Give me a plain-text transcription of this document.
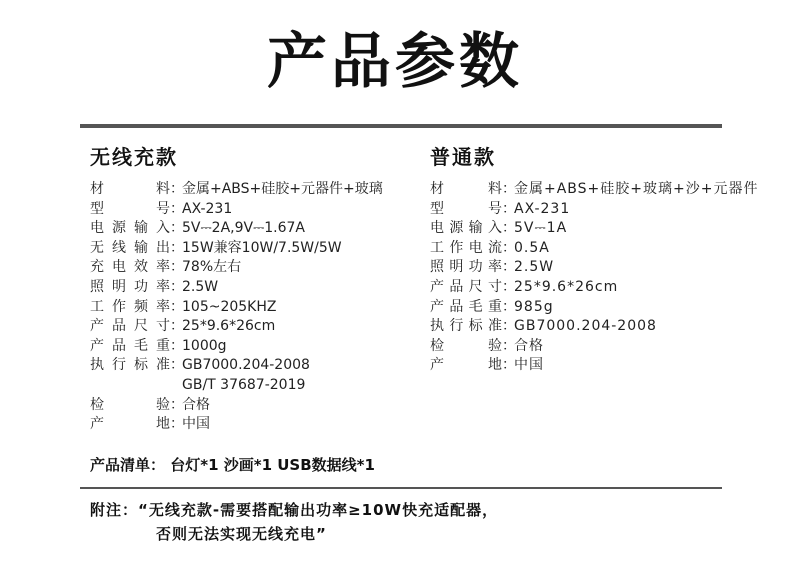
产品参数
无线充款
材料 ：
金属+ABS+硅胶+元器件+玻璃
型号 ：
AX-231
电源输入 ：
5V⎓2A,9V⎓1.67A
无线输出 ：
15W兼容10W/7.5W/5W
充电效率 ：
78%左右
照明功率 ：
2.5W
工作频率 ：
105~205KHZ
产品尺寸 ：
25*9.6*26cm
产品毛重 ：
1000g
执行标准 ：
GB7000.204-2008
GB/T 37687-2019
检验 ：
合格
产地 ：
中国
普通款
材料 ：
金属+ABS+硅胶+玻璃+沙+元器件
型号 ：
AX-231
电源输入 ：
5V⎓1A
工作电流 ：
0.5A
照明功率 ：
2.5W
产品尺寸 ：
25*9.6*26cm
产品毛重 ：
985g
执行标准 ：
GB7000.204-2008
检验 ：
合格
产地 ：
中国
产品清单： 台灯*1 沙画*1 USB数据线*1
附注：“无线充款-需要搭配输出功率≥10W快充适配器，
否则无法实现无线充电”
